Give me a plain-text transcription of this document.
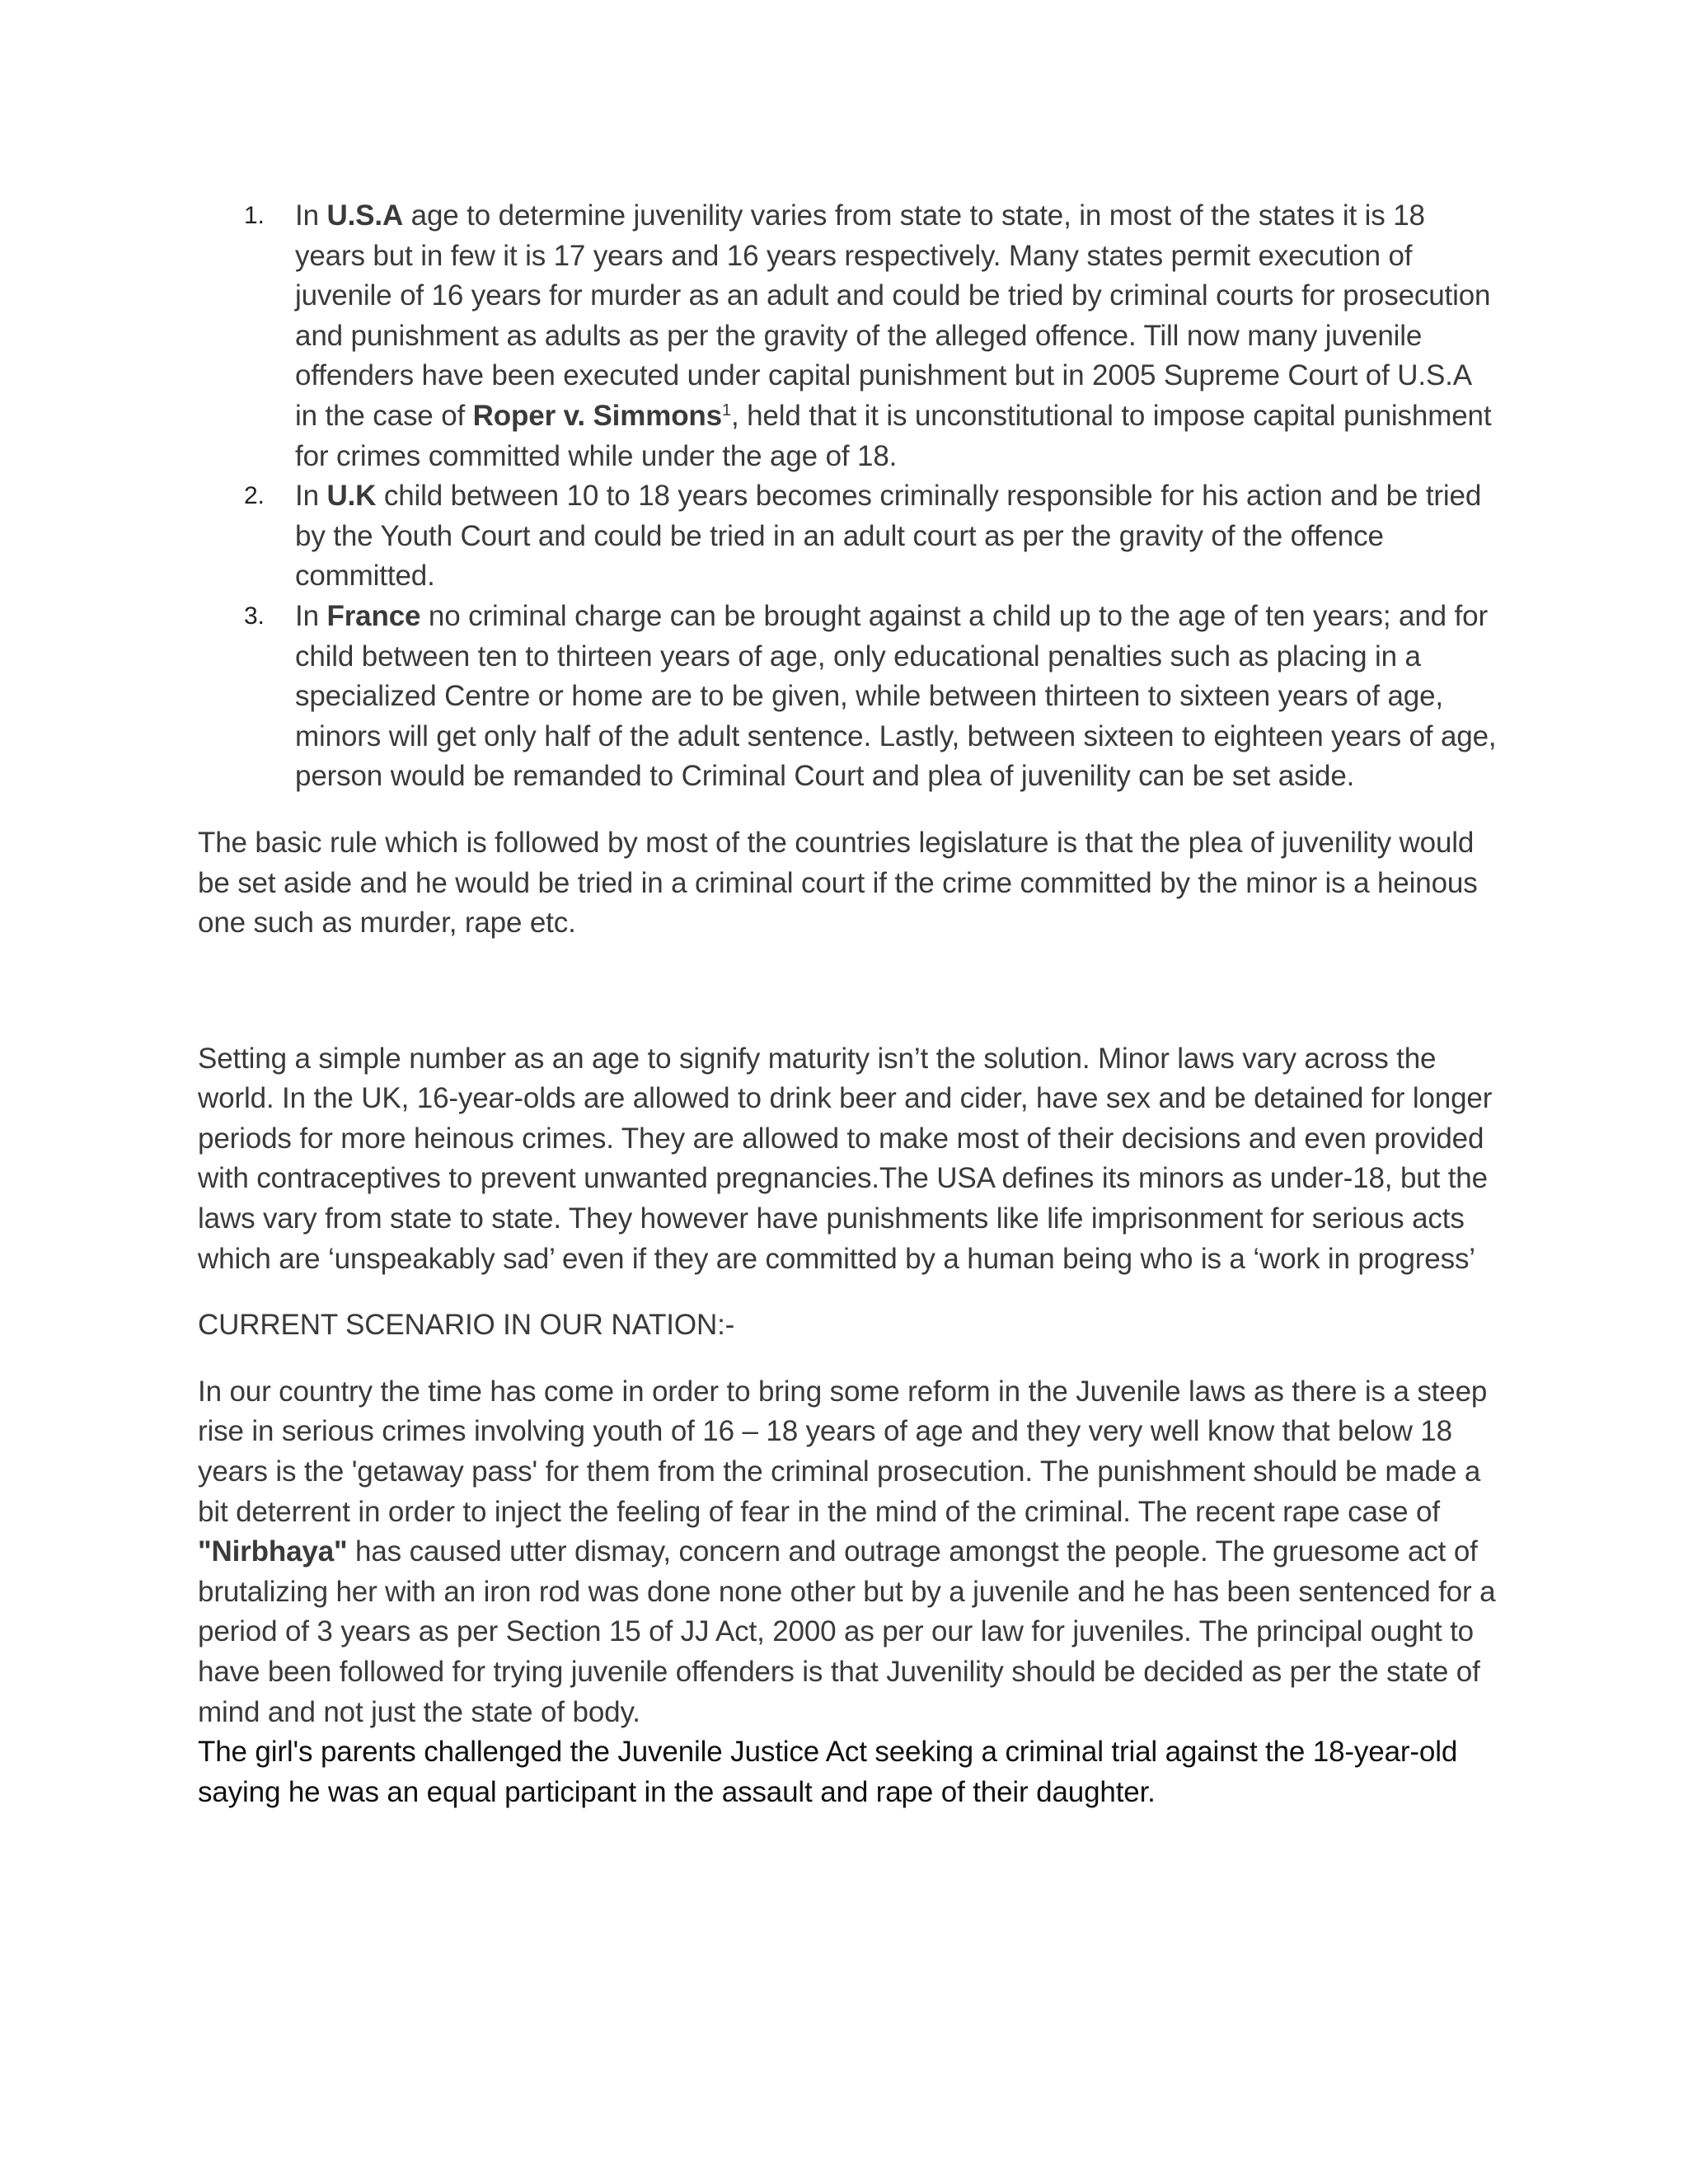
1. In U.S.A age to determine juvenility varies from state to state, in most of the states it is 18 years but in few it is 17 years and 16 years respectively. Many states permit execution of juvenile of 16 years for murder as an adult and could be tried by criminal courts for prosecution and punishment as adults as per the gravity of the alleged offence. Till now many juvenile offenders have been executed under capital punishment but in 2005 Supreme Court of U.S.A in the case of Roper v. Simmons$^1$, held that it is unconstitutional to impose capital punishment for crimes committed while under the age of 18.
2. In U.K child between 10 to 18 years becomes criminally responsible for his action and be tried by the Youth Court and could be tried in an adult court as per the gravity of the offence committed.
3. In France no criminal charge can be brought against a child up to the age of ten years; and for child between ten to thirteen years of age, only educational penalties such as placing in a specialized Centre or home are to be given, while between thirteen to sixteen years of age, minors will get only half of the adult sentence. Lastly, between sixteen to eighteen years of age, person would be remanded to Criminal Court and plea of juvenility can be set aside.

The basic rule which is followed by most of the countries legislature is that the plea of juvenility would be set aside and he would be tried in a criminal court if the crime committed by the minor is a heinous one such as murder, rape etc.

Setting a simple number as an age to signify maturity isn’t the solution. Minor laws vary across the world. In the UK, 16-year-olds are allowed to drink beer and cider, have sex and be detained for longer periods for more heinous crimes. They are allowed to make most of their decisions and even provided with contraceptives to prevent unwanted pregnancies.The USA defines its minors as under-18, but the laws vary from state to state. They however have punishments like life imprisonment for serious acts which are ‘unspeakably sad’ even if they are committed by a human being who is a ‘work in progress’

CURRENT SCENARIO IN OUR NATION:-

In our country the time has come in order to bring some reform in the Juvenile laws as there is a steep rise in serious crimes involving youth of 16 – 18 years of age and they very well know that below 18 years is the 'getaway pass' for them from the criminal prosecution. The punishment should be made a bit deterrent in order to inject the feeling of fear in the mind of the criminal. The recent rape case of "Nirbhaya" has caused utter dismay, concern and outrage amongst the people. The gruesome act of brutalizing her with an iron rod was done none other but by a juvenile and he has been sentenced for a period of 3 years as per Section 15 of JJ Act, 2000 as per our law for juveniles. The principal ought to have been followed for trying juvenile offenders is that Juvenility should be decided as per the state of mind and not just the state of body.

The girl's parents challenged the Juvenile Justice Act seeking a criminal trial against the 18-year-old saying he was an equal participant in the assault and rape of their daughter.
